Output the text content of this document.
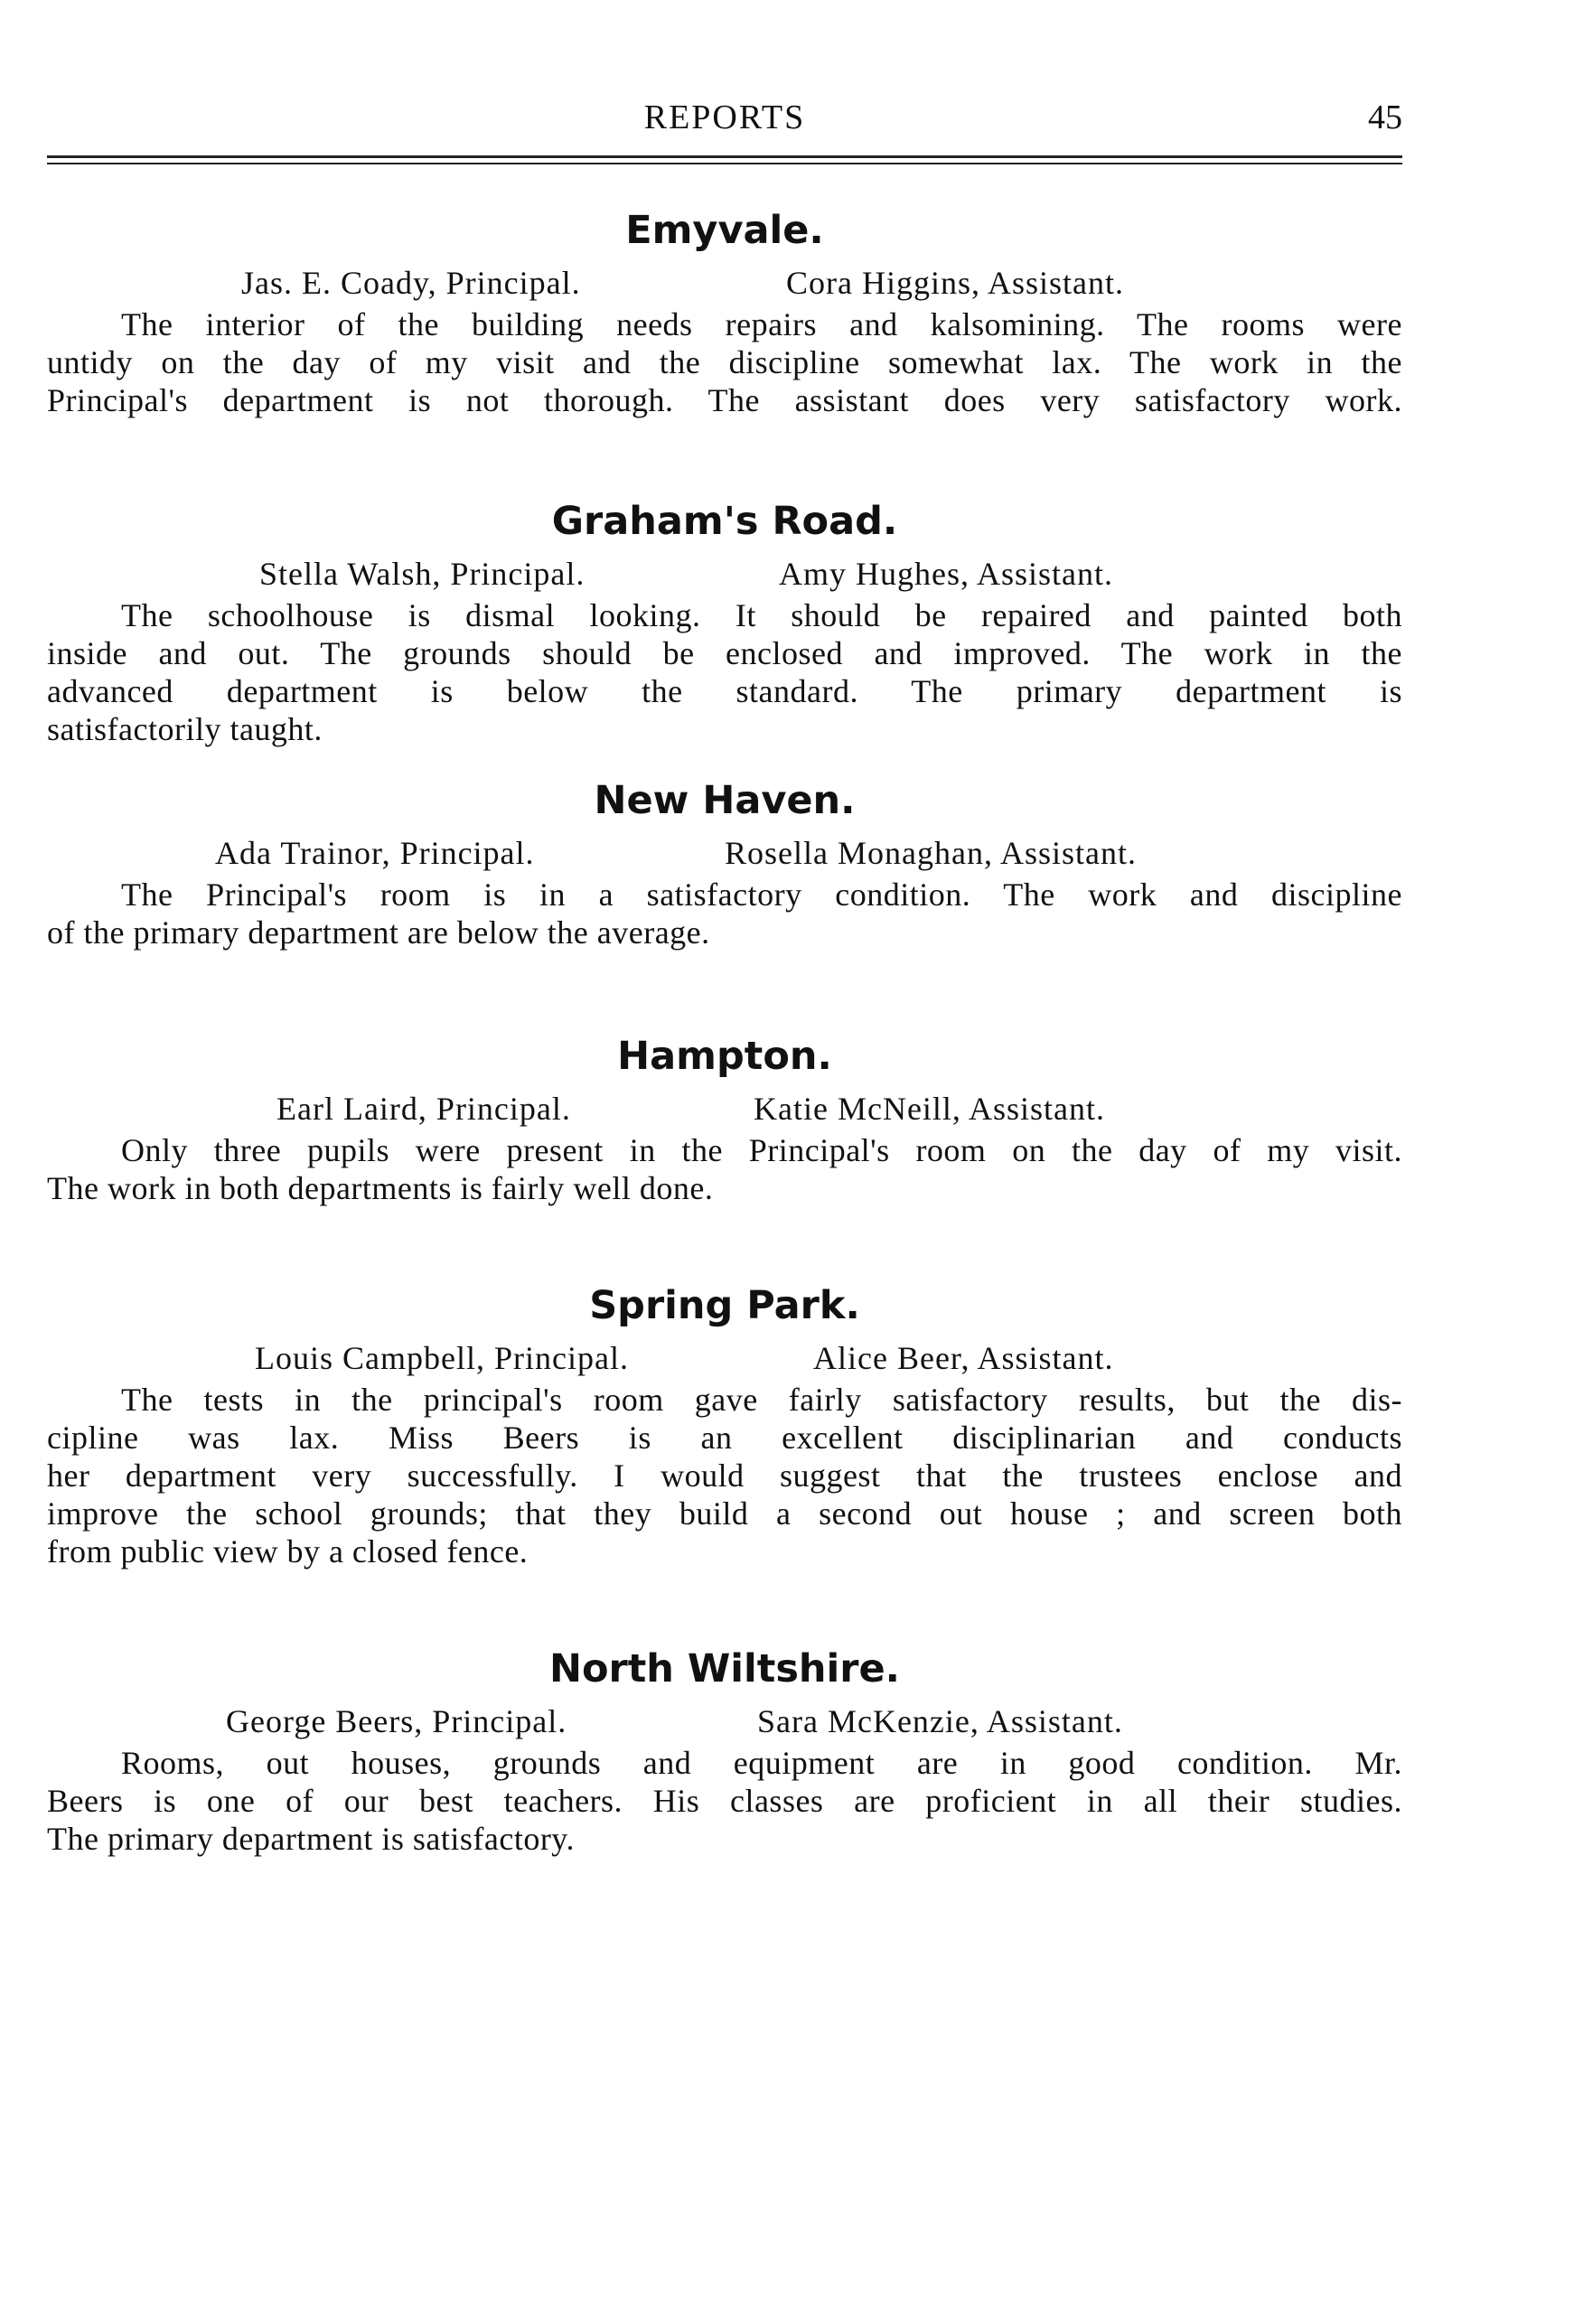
REPORTS	45
Emyvale.
Jas. E. Coady, Principal.	Cora Higgins, Assistant.
The interior of the building needs repairs and kalsomining. The rooms were
untidy on the day of my visit and the discipline somewhat lax. The work in the
Principal's department is not thorough. The assistant does very satisfactory work.
Graham's Road.
Stella Walsh, Principal.	Amy Hughes, Assistant.
The schoolhouse is dismal looking. It should be repaired and painted both
inside and out. The grounds should be enclosed and improved. The work in the
advanced department is below the standard. The primary department is
satisfactorily taught.
New Haven.
Ada Trainor, Principal.	Rosella Monaghan, Assistant.
The Principal's room is in a satisfactory condition. The work and discipline
of the primary department are below the average.
Hampton.
Earl Laird, Principal.	Katie McNeill, Assistant.
Only three pupils were present in the Principal's room on the day of my visit.
The work in both departments is fairly well done.
Spring Park.
Louis Campbell, Principal.	Alice Beer, Assistant.
The tests in the principal's room gave fairly satisfactory results, but the dis-
cipline was lax. Miss Beers is an excellent disciplinarian and conducts
her department very successfully. I would suggest that the trustees enclose and
improve the school grounds; that they build a second out house ; and screen both
from public view by a closed fence.
North Wiltshire.
George Beers, Principal.	Sara McKenzie, Assistant.
Rooms, out houses, grounds and equipment are in good condition. Mr.
Beers is one of our best teachers. His classes are proficient in all their studies.
The primary department is satisfactory.
